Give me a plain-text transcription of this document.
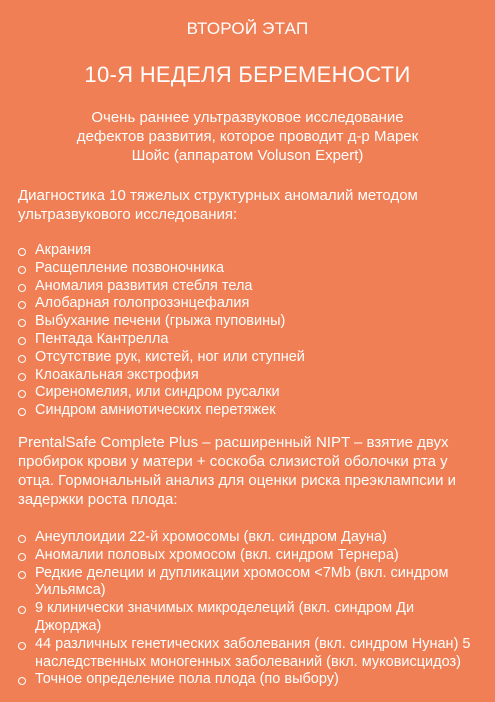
ВТОРОЙ ЭТАП
10-Я НЕДЕЛЯ БЕРЕМЕНОСТИ
Очень раннее ультразвуковое исследование дефектов развития, которое проводит д-р Марек Шойс (аппаратом Voluson Expert)
Диагностика 10 тяжелых структурных аномалий методом ультразвукового исследования:
Акрания
Расщепление позвоночника
Аномалия развития стебля тела
Алобарная голопрозэнцефалия
Выбухание печени (грыжа пуповины)
Пентада Кантрелла
Отсутствие рук, кистей, ног или ступней
Клоакальная экстрофия
Сиреномелия, или синдром русалки
Синдром амниотических перетяжек
PrentalSafe Complete Plus – расширенный NIPT – взятие двух пробирок крови у матери + соскоба слизистой оболочки рта у отца. Гормональный анализ для оценки риска преэклампсии и задержки роста плода:
Анеуплоидии 22-й хромосомы (вкл. синдром Дауна)
Аномалии половых хромосом (вкл. синдром Тернера)
Редкие делеции и дупликации хромосом <7Mb (вкл. синдром Уильямса)
9 клинически значимых микроделеций (вкл. синдром Ди Джорджа)
44 различных генетических заболевания (вкл. синдром Нунан) 5 наследственных моногенных заболеваний (вкл. муковисцидоз)
Точное определение пола плода (по выбору)
